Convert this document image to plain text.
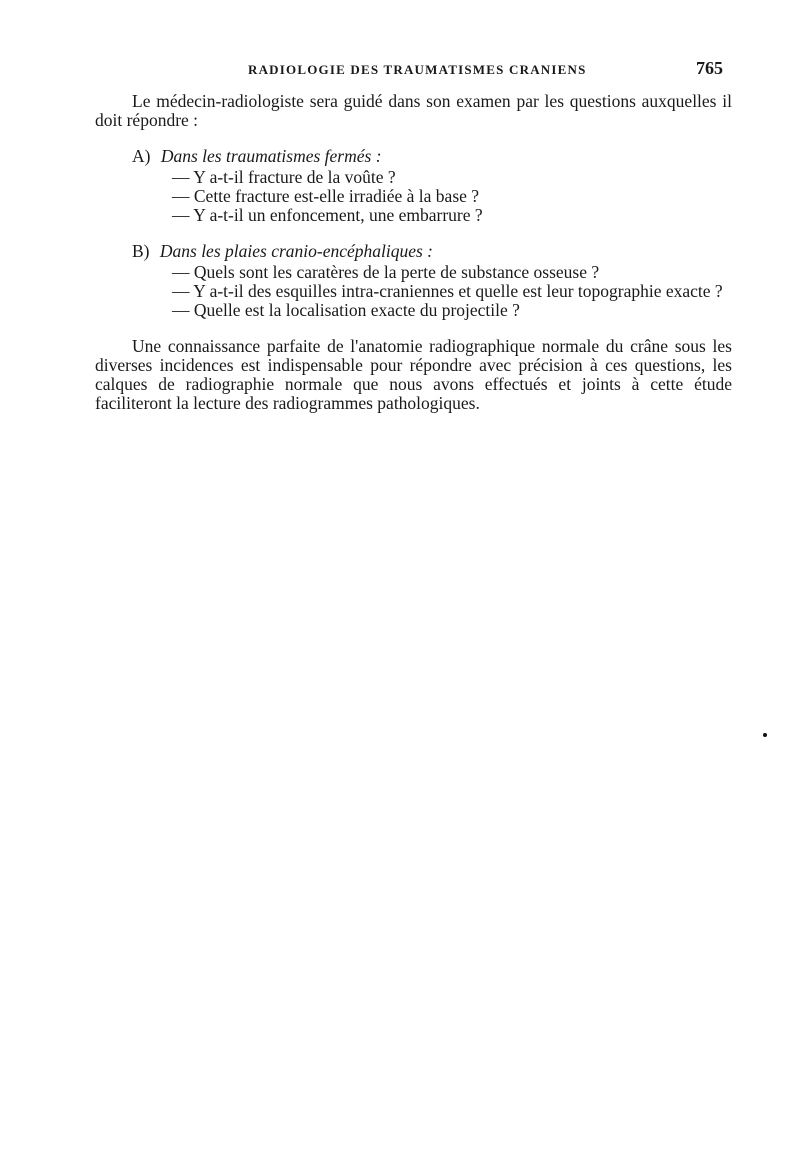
RADIOLOGIE DES TRAUMATISMES CRANIENS	765

Le médecin-radiologiste sera guidé dans son examen par les questions auxquelles il doit répondre :

A) Dans les traumatismes fermés :

— Y a-t-il fracture de la voûte ?
— Cette fracture est-elle irradiée à la base ?
— Y a-t-il un enfoncement, une embarrure ?

B) Dans les plaies cranio-encéphaliques :

— Quels sont les caratères de la perte de substance osseuse ?
— Y a-t-il des esquilles intra-craniennes et quelle est leur topographie exacte ?
— Quelle est la localisation exacte du projectile ?

Une connaissance parfaite de l'anatomie radiographique normale du crâne sous les diverses incidences est indispensable pour répondre avec précision à ces questions, les calques de radiographie normale que nous avons effectués et joints à cette étude faciliteront la lecture des radiogrammes pathologiques.
